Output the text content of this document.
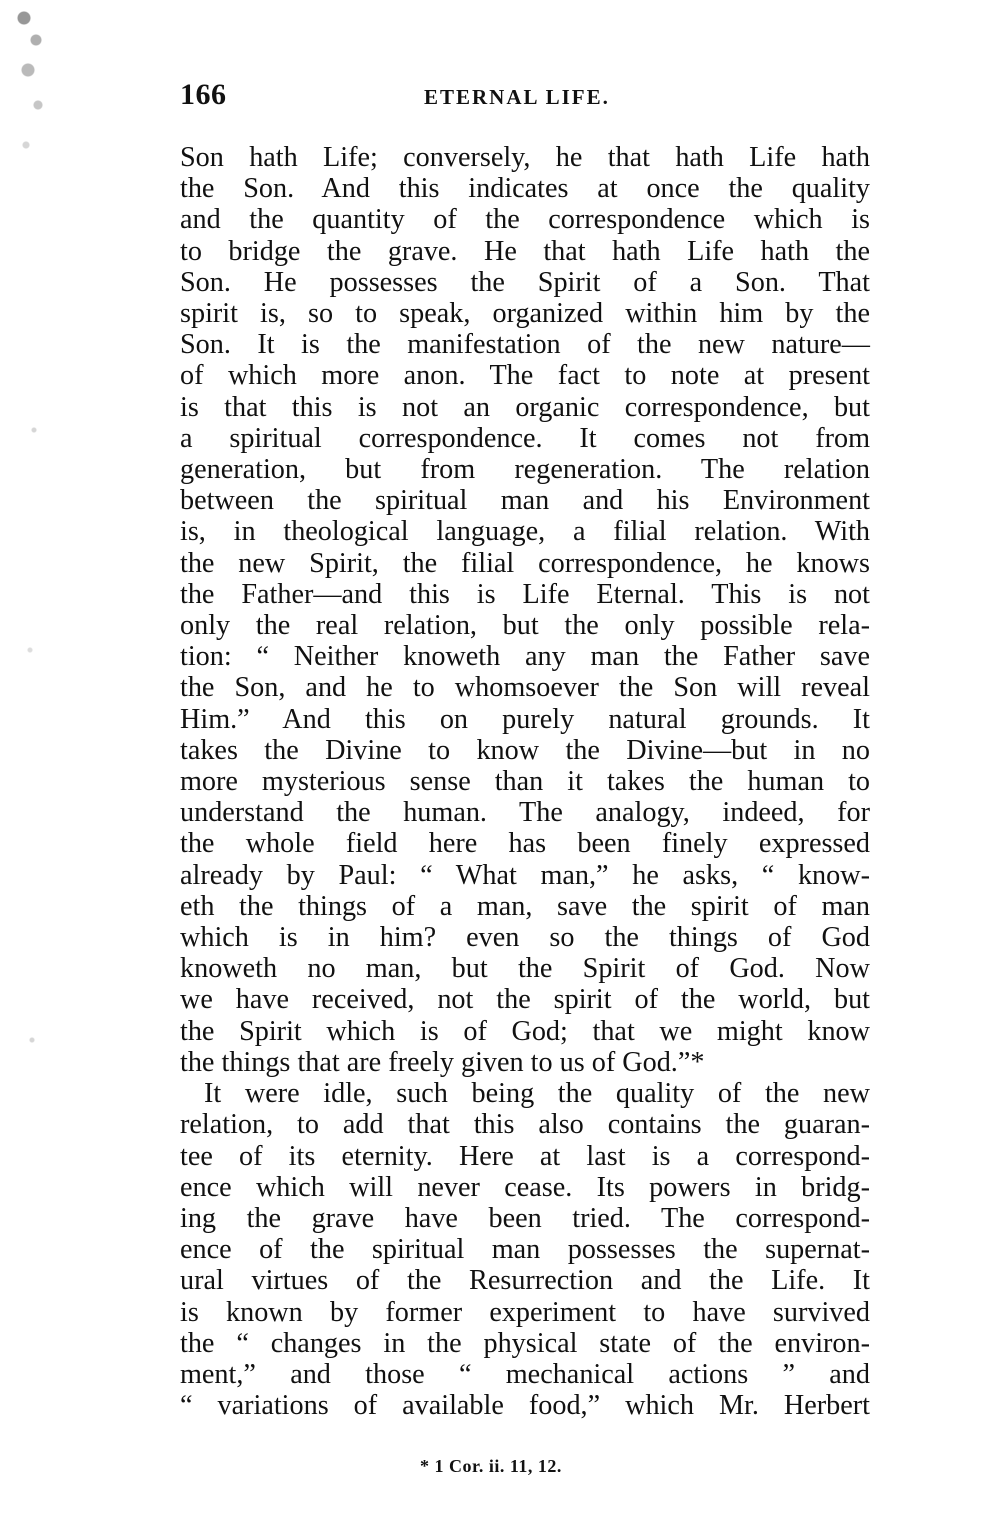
166	ETERNAL LIFE.
Son hath Life; conversely, he that hath Life hath
the Son. And this indicates at once the quality
and the quantity of the correspondence which is
to bridge the grave. He that hath Life hath the
Son. He possesses the Spirit of a Son. That
spirit is, so to speak, organized within him by the
Son. It is the manifestation of the new nature—
of which more anon. The fact to note at present
is that this is not an organic correspondence, but
a spiritual correspondence. It comes not from
generation, but from regeneration. The relation
between the spiritual man and his Environment
is, in theological language, a filial relation. With
the new Spirit, the filial correspondence, he knows
the Father—and this is Life Eternal. This is not
only the real relation, but the only possible rela-
tion: “ Neither knoweth any man the Father save
the Son, and he to whomsoever the Son will reveal
Him.” And this on purely natural grounds. It
takes the Divine to know the Divine—but in no
more mysterious sense than it takes the human to
understand the human. The analogy, indeed, for
the whole field here has been finely expressed
already by Paul: “ What man,” he asks, “ know-
eth the things of a man, save the spirit of man
which is in him? even so the things of God
knoweth no man, but the Spirit of God. Now
we have received, not the spirit of the world, but
the Spirit which is of God; that we might know
the things that are freely given to us of God.”*
It were idle, such being the quality of the new
relation, to add that this also contains the guaran-
tee of its eternity. Here at last is a correspond-
ence which will never cease. Its powers in bridg-
ing the grave have been tried. The correspond-
ence of the spiritual man possesses the supernat-
ural virtues of the Resurrection and the Life. It
is known by former experiment to have survived
the “ changes in the physical state of the environ-
ment,” and those “ mechanical actions ” and
“ variations of available food,” which Mr. Herbert
* 1 Cor. ii. 11, 12.
